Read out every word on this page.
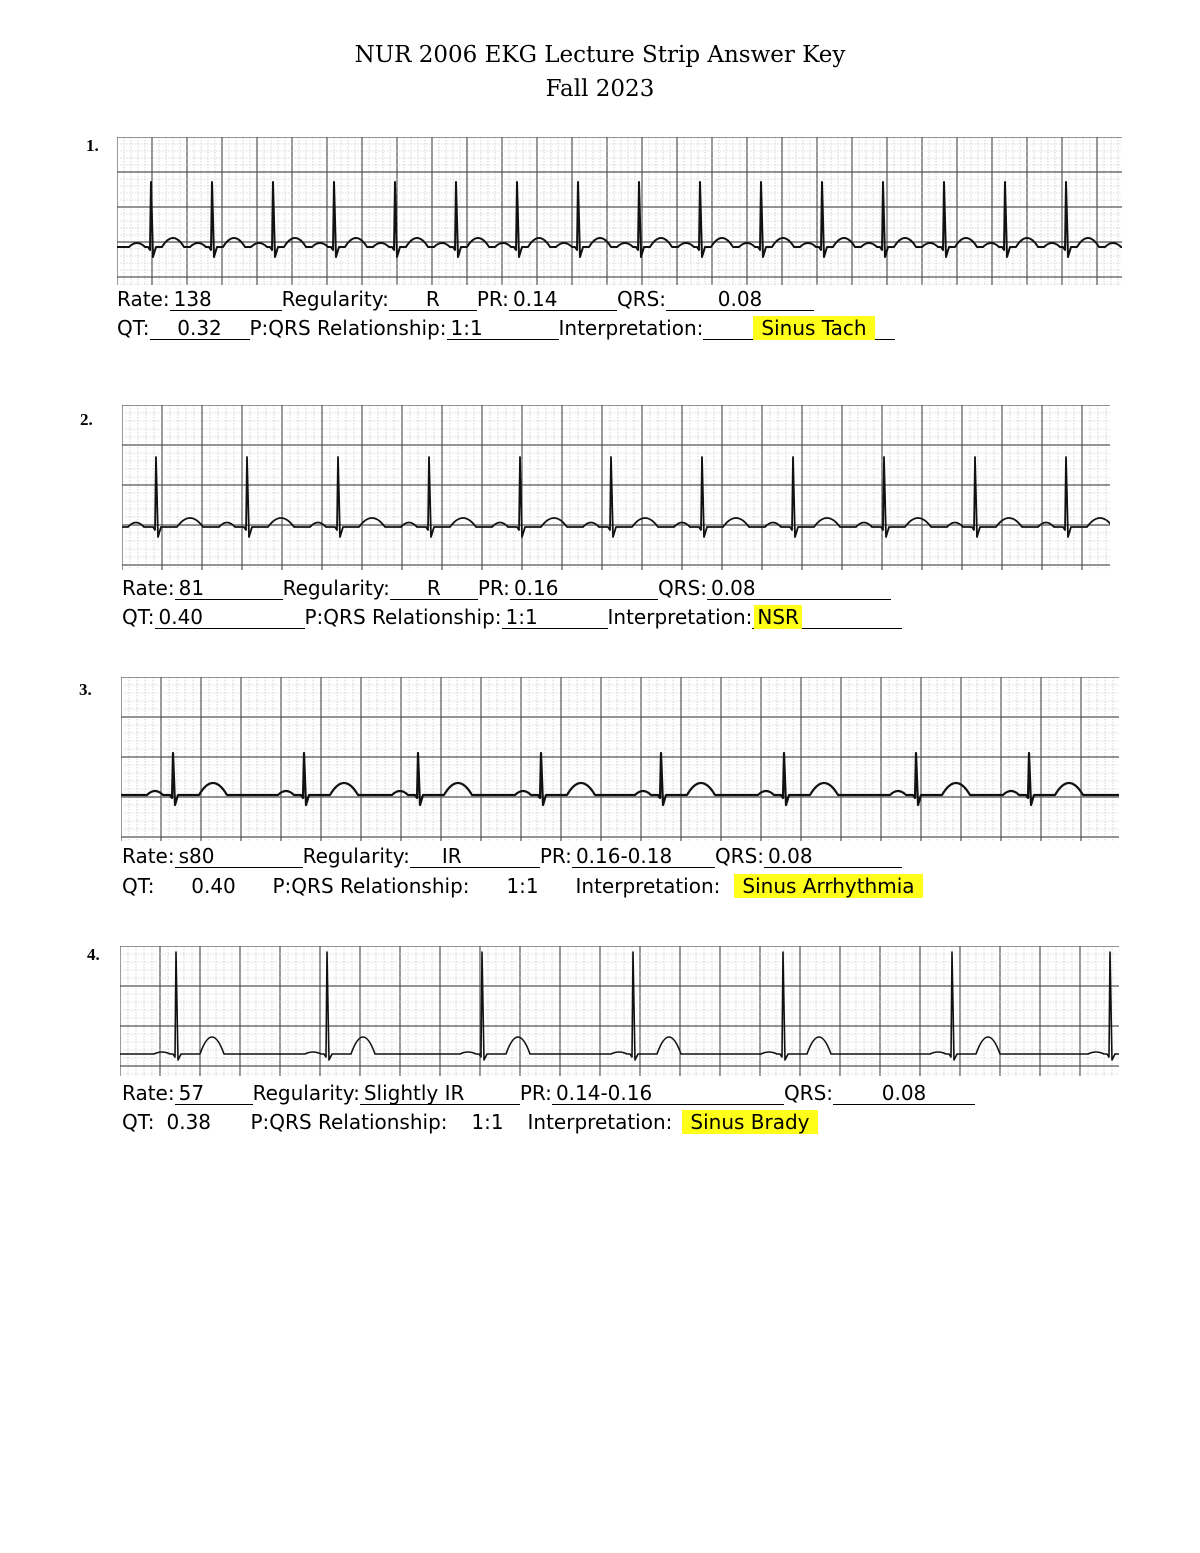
NUR 2006 EKG Lecture Strip Answer Key
Fall 2023
1.
Rate: 138	Regularity: R PR: 0.14	QRS:	0.08
QT: 0.32 P:QRS Relationship: 1:1	Interpretation:	Sinus Tach
2.
Rate: 81	Regularity: R PR: 0.16	QRS: 0.08
QT: 0.40	P:QRS Relationship: 1:1	Interpretation: NSR
3.
Rate: s80	Regularity: IR	PR: 0.16-0.18 QRS: 0.08
QT: 0.40 P:QRS Relationship: 1:1 Interpretation: Sinus Arrhythmia
4.
Rate: 57 Regularity: Slightly IR	PR: 0.14-0.16	QRS: 0.08
QT: 0.38 P:QRS Relationship: 1:1 Interpretation: Sinus Brady
